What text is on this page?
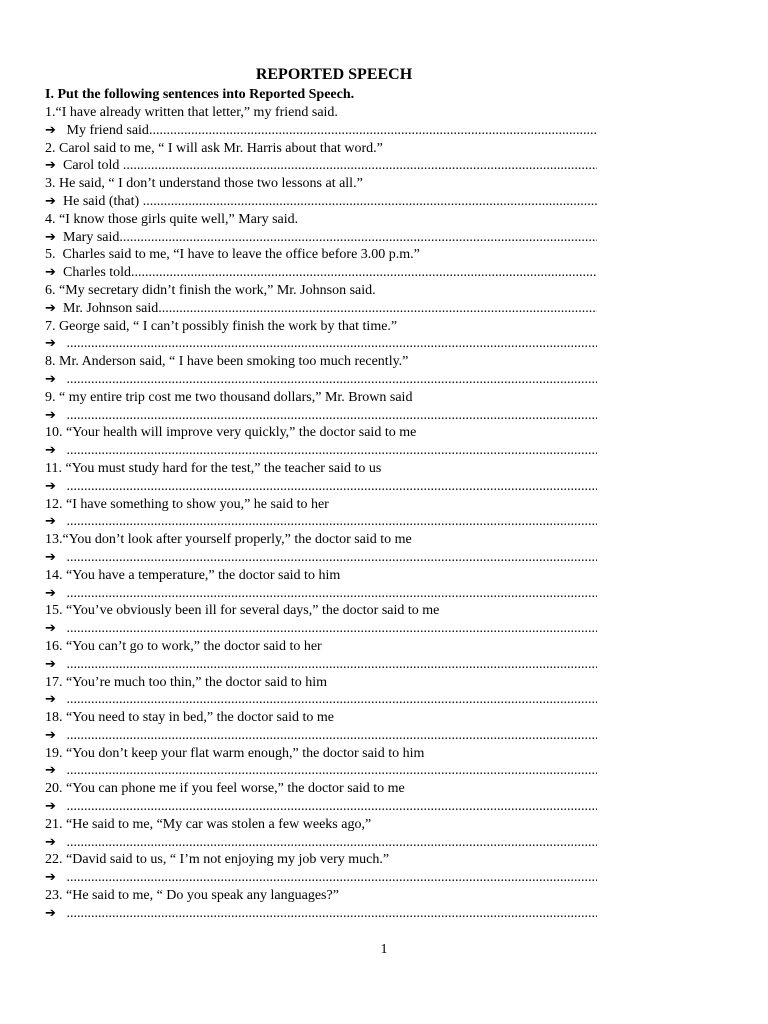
REPORTED SPEECH

I. Put the following sentences into Reported Speech.

1.“I have already written that letter,” my friend said.

➔ My friend said
.....

2. Carol said to me, “ I will ask Mr. Harris about that word.”

➔ Carol told
.....

3. He said, “ I don’t understand those two lessons at all.”

➔ He said (that)
.....

4. “I know those girls quite well,” Mary said.

➔ Mary said
.....

5.  Charles said to me, “I have to leave the office before 3.00 p.m.”

➔ Charles told
.....

6. “My secretary didn’t finish the work,” Mr. Johnson said.

➔ Mr. Johnson said
.....

7. George said, “ I can’t possibly finish the work by that time.”

➔

.....

8. Mr. Anderson said, “ I have been smoking too much recently.”

➔

.....

9. “ my entire trip cost me two thousand dollars,” Mr. Brown said

➔

.....

10. “Your health will improve very quickly,” the doctor said to me

➔

.....

11. “You must study hard for the test,” the teacher said to us

➔

.....

12. “I have something to show you,” he said to her

➔

.....

13.“You don’t look after yourself properly,” the doctor said to me

➔

.....

14. “You have a temperature,” the doctor said to him

➔

.....

15. “You’ve obviously been ill for several days,” the doctor said to me

➔

.....

16. “You can’t go to work,” the doctor said to her

➔

.....

17. “You’re much too thin,” the doctor said to him

➔

.....

18. “You need to stay in bed,” the doctor said to me

➔

.....

19. “You don’t keep your flat warm enough,” the doctor said to him

➔

.....

20. “You can phone me if you feel worse,” the doctor said to me

➔

.....

21. “He said to me, “My car was stolen a few weeks ago,”

➔

.....

22. “David said to us, “ I’m not enjoying my job very much.”

➔

.....

23. “He said to me, “ Do you speak any languages?”

➔

.....
1
